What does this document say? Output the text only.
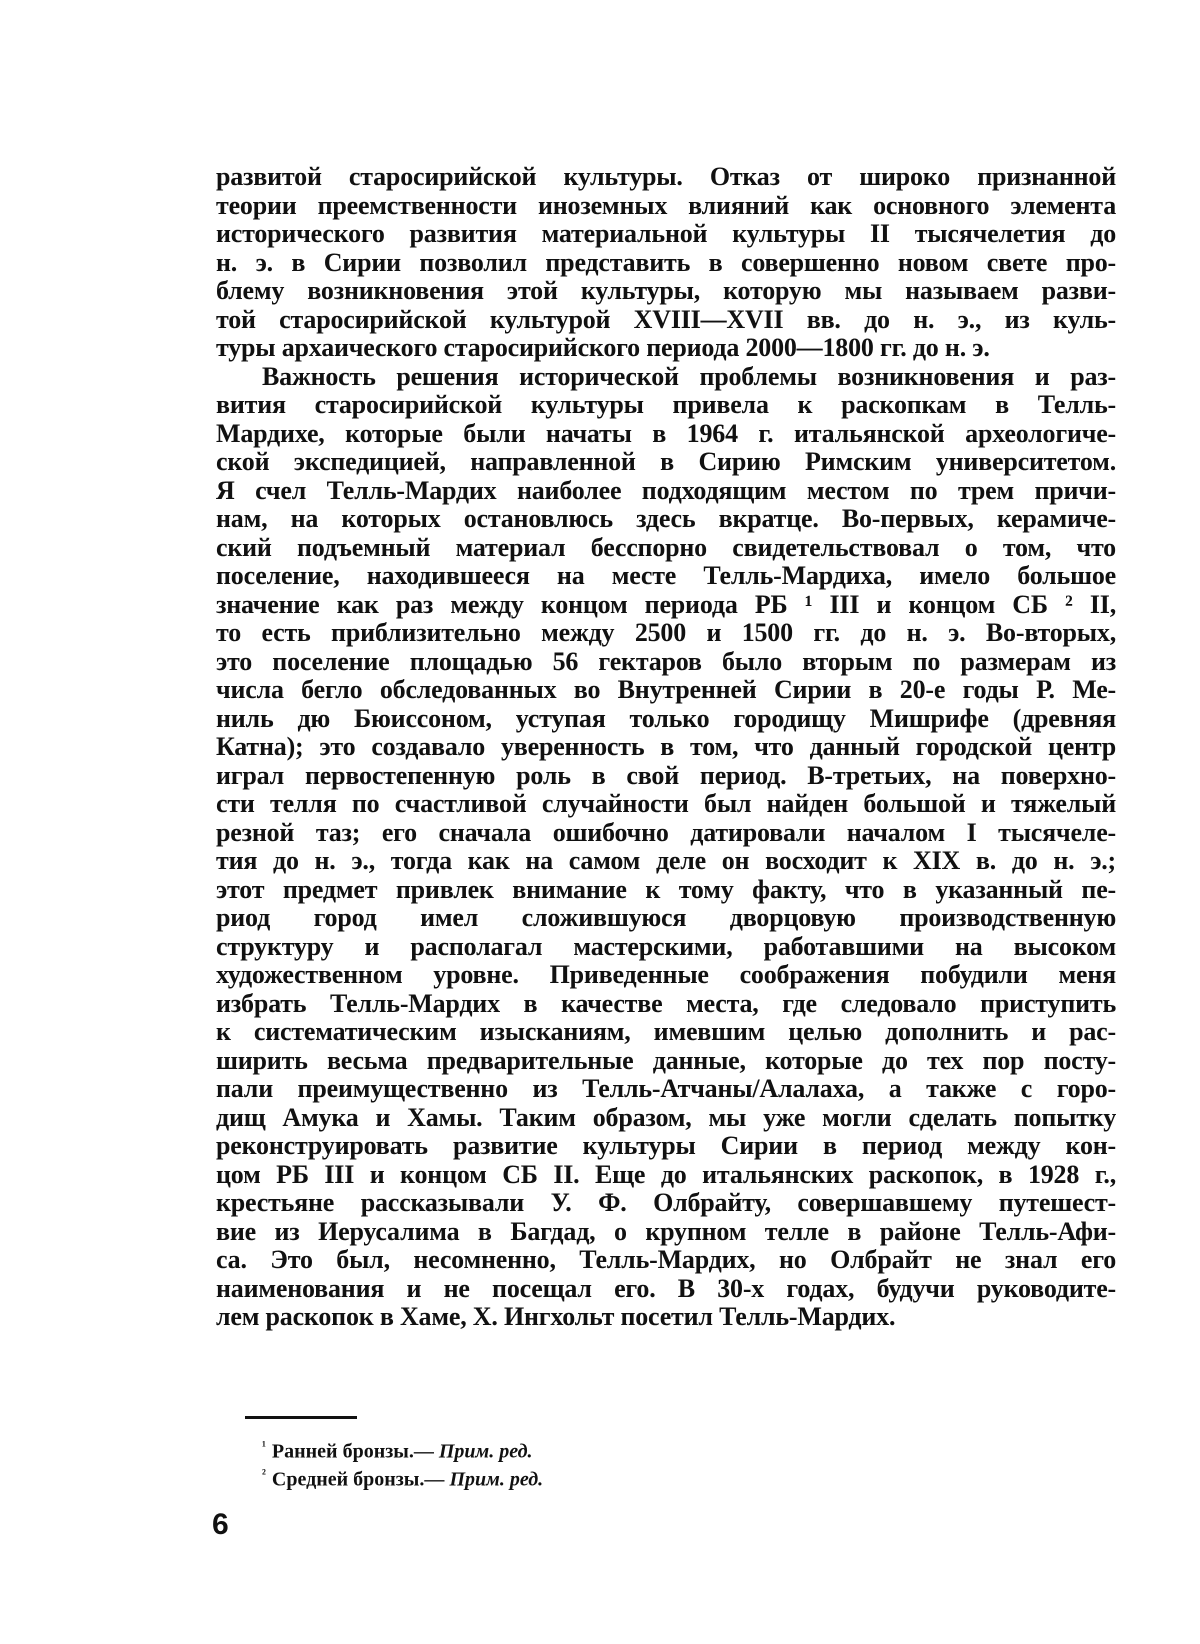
развитой старосирийской культуры. Отказ от широко признанной
теории преемственности иноземных влияний как основного элемента
исторического развития материальной культуры II тысячелетия до
н. э. в Сирии позволил представить в совершенно новом свете про-
блему возникновения этой культуры, которую мы называем разви-
той старосирийской культурой XVIII—XVII вв. до н. э., из куль-
туры архаического старосирийского периода 2000—1800 гг. до н. э.
Важность решения исторической проблемы возникновения и раз-
вития старосирийской культуры привела к раскопкам в Телль-
Мардихе, которые были начаты в 1964 г. итальянской археологиче-
ской экспедицией, направленной в Сирию Римским университетом.
Я счел Телль-Мардих наиболее подходящим местом по трем причи-
нам, на которых остановлюсь здесь вкратце. Во-первых, керамиче-
ский подъемный материал бесспорно свидетельствовал о том, что
поселение, находившееся на месте Телль-Мардиха, имело большое
значение как раз между концом периода РБ ¹ III и концом СБ ² II,
то есть приблизительно между 2500 и 1500 гг. до н. э. Во-вторых,
это поселение площадью 56 гектаров было вторым по размерам из
числа бегло обследованных во Внутренней Сирии в 20-е годы Р. Ме-
ниль дю Бюиссоном, уступая только городищу Мишрифе (древняя
Катна); это создавало уверенность в том, что данный городской центр
играл первостепенную роль в свой период. В-третьих, на поверхно-
сти телля по счастливой случайности был найден большой и тяжелый
резной таз; его сначала ошибочно датировали началом I тысячеле-
тия до н. э., тогда как на самом деле он восходит к XIX в. до н. э.;
этот предмет привлек внимание к тому факту, что в указанный пе-
риод город имел сложившуюся дворцовую производственную
структуру и располагал мастерскими, работавшими на высоком
художественном уровне. Приведенные соображения побудили меня
избрать Телль-Мардих в качестве места, где следовало приступить
к систематическим изысканиям, имевшим целью дополнить и рас-
ширить весьма предварительные данные, которые до тех пор посту-
пали преимущественно из Телль-Атчаны/Алалаха, а также с горо-
дищ Амука и Хамы. Таким образом, мы уже могли сделать попытку
реконструировать развитие культуры Сирии в период между кон-
цом РБ III и концом СБ II. Еще до итальянских раскопок, в 1928 г.,
крестьяне рассказывали У. Ф. Олбрайту, совершавшему путешест-
вие из Иерусалима в Багдад, о крупном телле в районе Телль-Афи-
са. Это был, несомненно, Телль-Мардих, но Олбрайт не знал его
наименования и не посещал его. В 30-х годах, будучи руководите-
лем раскопок в Хаме, Х. Ингхольт посетил Телль-Мардих.
$^{^1}$ Ранней бронзы.— Прим. ред.
$^{^2}$ Средней бронзы.— Прим. ред.
6
